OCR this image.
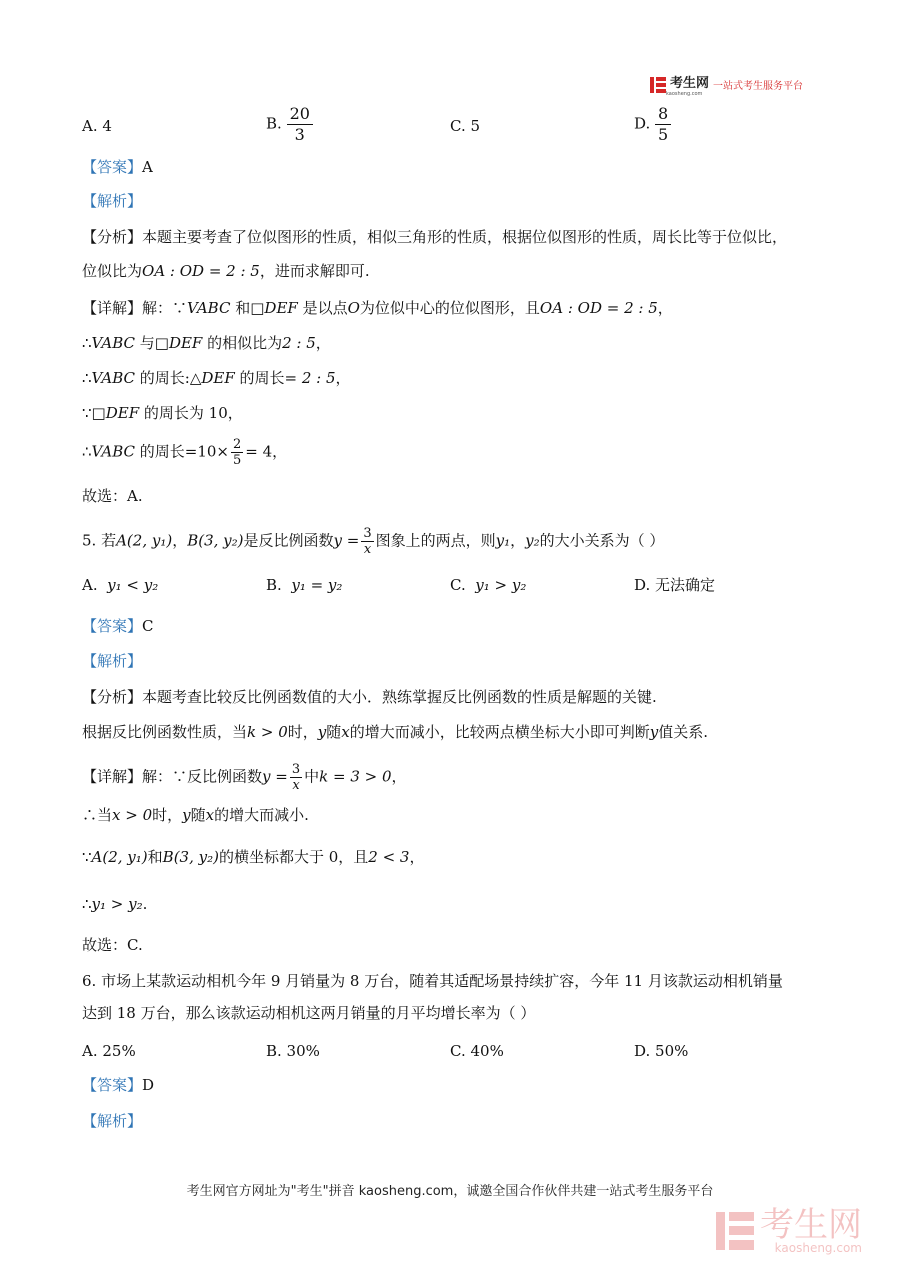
考生网
kaosheng.com
一站式考生服务平台
A. 4	B. $\frac{20}{3}$	C. 5	D. $\frac{8}{5}$
【答案】A
【解析】
【分析】本题主要考查了位似图形的性质，相似三角形的性质，根据位似图形的性质，周长比等于位似比，
位似比为OA : OD = 2 : 5，进而求解即可.
【详解】解：∵VABC 和□DEF 是以点O为位似中心的位似图形，且OA : OD = 2 : 5，
∴VABC 与□DEF 的相似比为2 : 5，
∴VABC 的周长:△DEF 的周长= 2 : 5，
∵□DEF 的周长为 10，
∴VABC 的周长$=10\times \frac{2}{5} = 4$，
故选：A.
5. 若A(2, y₁)，B(3, y₂)是反比例函数$y = \frac{3}{x}$ 图象上的两点，则y₁，y₂的大小关系为（ ）
A. y₁ < y₂	B. y₁ = y₂	C. y₁ > y₂	D. 无法确定
【答案】C
【解析】
【分析】本题考查比较反比例函数值的大小．熟练掌握反比例函数的性质是解题的关键.
根据反比例函数性质，当k > 0时，y随x的增大而减小，比较两点横坐标大小即可判断y值关系.
【详解】解：∵反比例函数$y = \frac{3}{x}$ 中k = 3 > 0，
∴当x > 0时，y随x的增大而减小.
∵A(2, y₁)和B(3, y₂)的横坐标都大于 0，且2 < 3，
∴y₁ > y₂.
故选：C.
6. 市场上某款运动相机今年 9 月销量为 8 万台，随着其适配场景持续扩容，今年 11 月该款运动相机销量
达到 18 万台，那么该款运动相机这两月销量的月平均增长率为（ ）
A. 25%	B. 30%	C. 40%	D. 50%
【答案】D
【解析】
考生网官方网址为"考生"拼音 kaosheng.com，诚邀全国合作伙伴共建一站式考生服务平台
考生网
kaosheng.com
